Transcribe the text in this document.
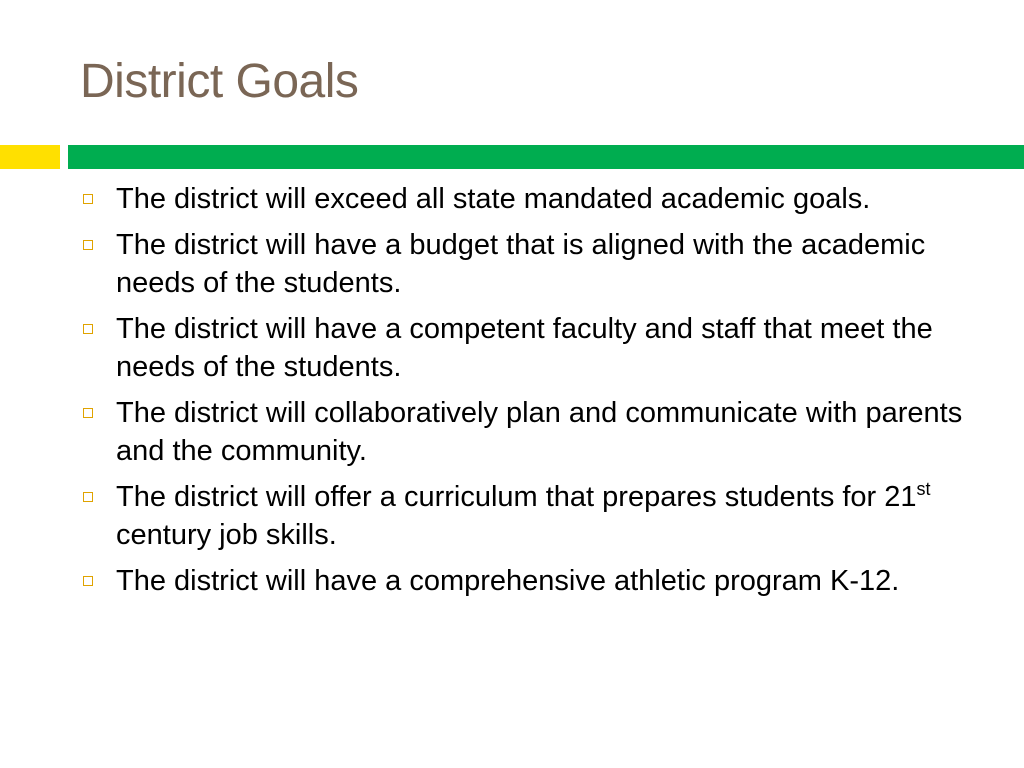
District Goals
The district will exceed all state mandated academic goals.
The district will have a budget that is aligned with the academic needs of the students.
The district will have a competent faculty and staff that meet the needs of the students.
The district will collaboratively plan and communicate with parents and the community.
The district will offer a curriculum that prepares students for 21st century job skills.
The district will have a comprehensive athletic program K-12.
